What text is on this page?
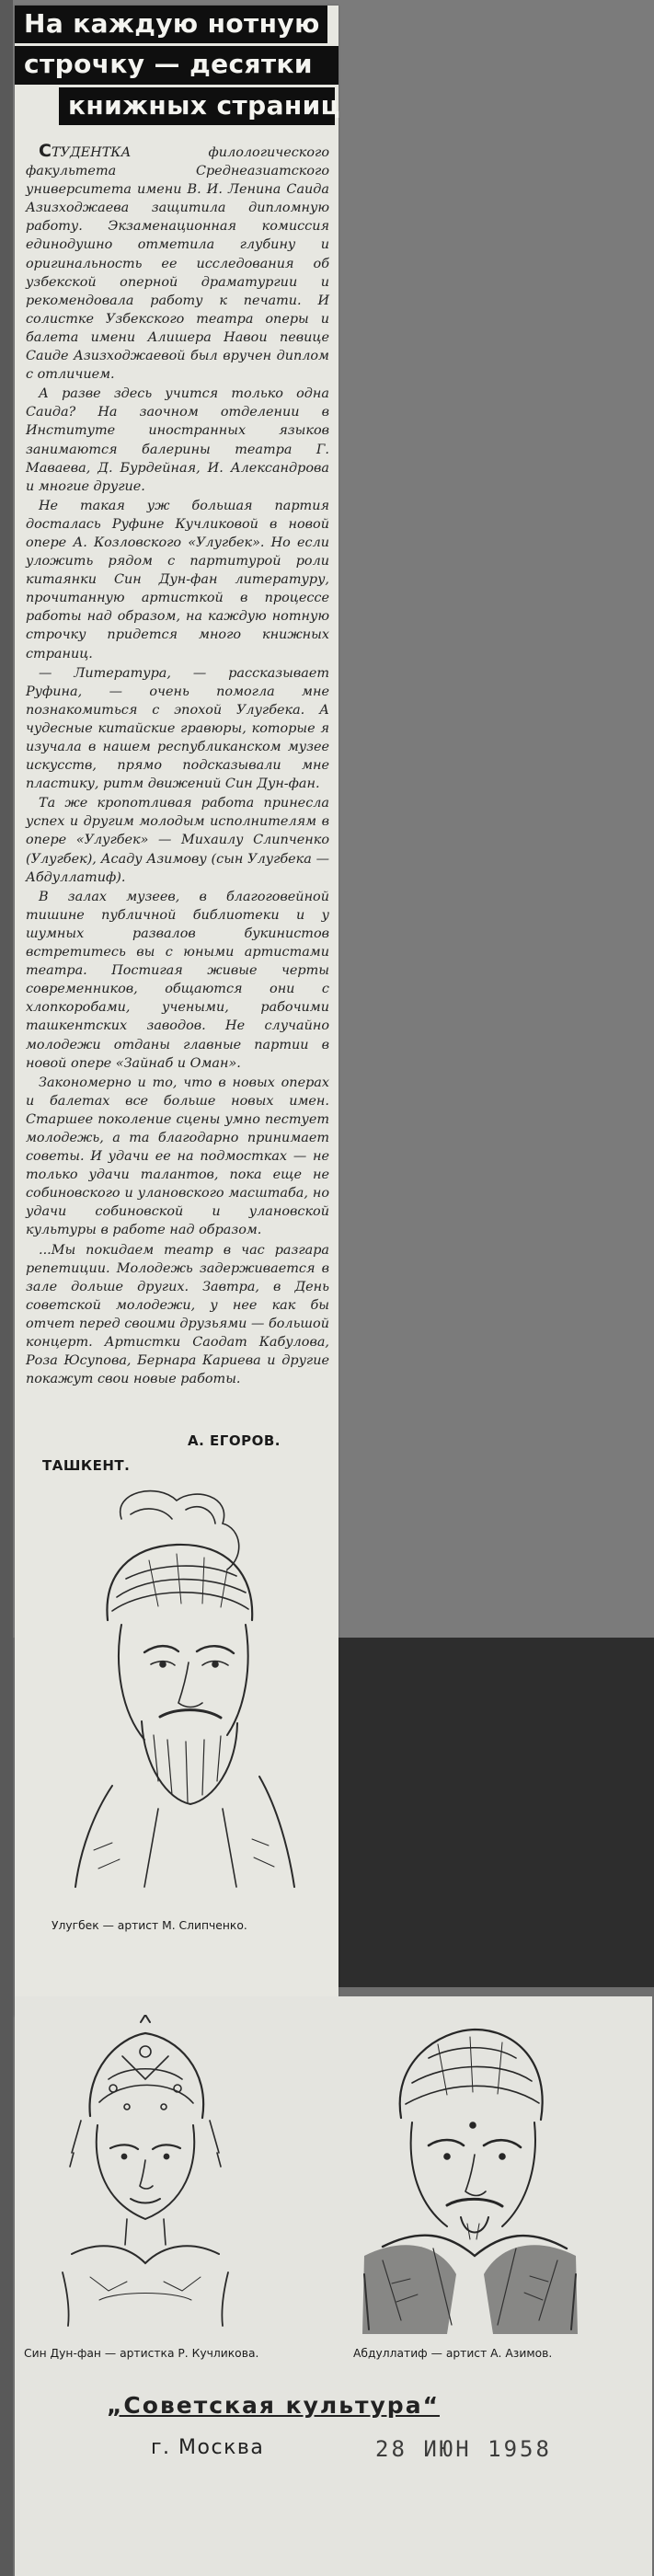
На каждую нотную
строчку — десятки
книжных страниц

СТУДЕНТКА филологического факультета Среднеазиатского университета имени В. И. Ленина Саида Азизходжаева защитила дипломную работу. Экзаменационная комиссия единодушно отметила глубину и оригинальность ее исследования об узбекской оперной драматургии и рекомендовала работу к печати. И солистке Узбекского театра оперы и балета имени Алишера Навои певице Саиде Азизходжаевой был вручен диплом с отличием.

А разве здесь учится только одна Саида? На заочном отделении в Институте иностранных языков занимаются балерины театра Г. Маваева, Д. Бурдейная, И. Александрова и многие другие.

Не такая уж большая партия досталась Руфине Кучликовой в новой опере А. Козловского «Улугбек». Но если уложить рядом с партитурой роли китаянки Син Дун-фан литературу, прочитанную артисткой в процессе работы над образом, на каждую нотную строчку придется много книжных страниц.

— Литература, — рассказывает Руфина, — очень помогла мне познакомиться с эпохой Улугбека. А чудесные китайские гравюры, которые я изучала в нашем республиканском музее искусств, прямо подсказывали мне пластику, ритм движений Син Дун-фан.

Та же кропотливая работа принесла успех и другим молодым исполнителям в опере «Улугбек» — Михаилу Слипченко (Улугбек), Асаду Азимову (сын Улугбека — Абдуллатиф).

В залах музеев, в благоговейной тишине публичной библиотеки и у шумных развалов букинистов встретитесь вы с юными артистами театра. Постигая живые черты современников, общаются они с хлопкоробами, учеными, рабочими ташкентских заводов. Не случайно молодежи отданы главные партии в новой опере «Зайнаб и Оман».

Закономерно и то, что в новых операх и балетах все больше новых имен. Старшее поколение сцены умно пестует молодежь, а та благодарно принимает советы. И удачи ее на подмостках — не только удачи талантов, пока еще не собиновского и улановского масштаба, но удачи собиновской и улановской культуры в работе над образом.

...Мы покидаем театр в час разгара репетиции. Молодежь задерживается в зале дольше других. Завтра, в День советской молодежи, у нее как бы отчет перед своими друзьями — большой концерт. Артистки Саодат Кабулова, Роза Юсупова, Бернара Кариева и другие покажут свои новые работы.

А. ЕГОРОВ.
ТАШКЕНТ.
Улугбек — артист М. Слипченко.
Син Дун-фан — артистка Р. Кучликова.	Абдуллатиф — артист А. Азимов.
„Советская культура“
г. Москва	28 ИЮН 1958
